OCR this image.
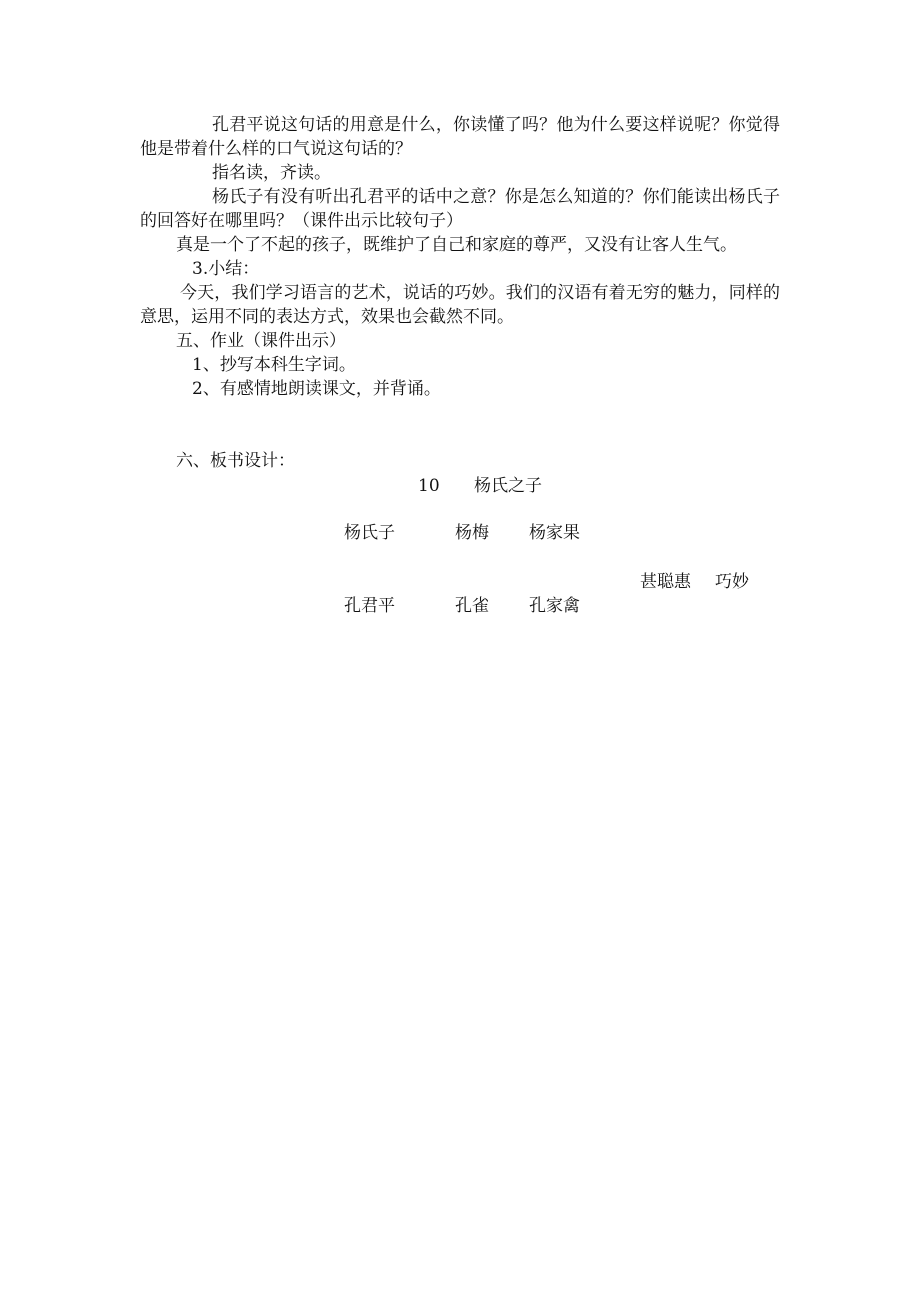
孔君平说这句话的用意是什么，你读懂了吗？他为什么要这样说呢？你觉得他是带着什么样的口气说这句话的？
指名读，齐读。
杨氏子有没有听出孔君平的话中之意？你是怎么知道的？你们能读出杨氏子的回答好在哪里吗？（课件出示比较句子）
真是一个了不起的孩子，既维护了自己和家庭的尊严，又没有让客人生气。
3.小结：
今天，我们学习语言的艺术，说话的巧妙。我们的汉语有着无穷的魅力，同样的意思，运用不同的表达方式，效果也会截然不同。
五、作业（课件出示）
1、抄写本科生字词。
2、有感情地朗读课文，并背诵。
六、板书设计：
10 杨氏之子
杨氏子	杨梅 杨家果
甚聪惠 巧妙
孔君平	孔雀 孔家禽
